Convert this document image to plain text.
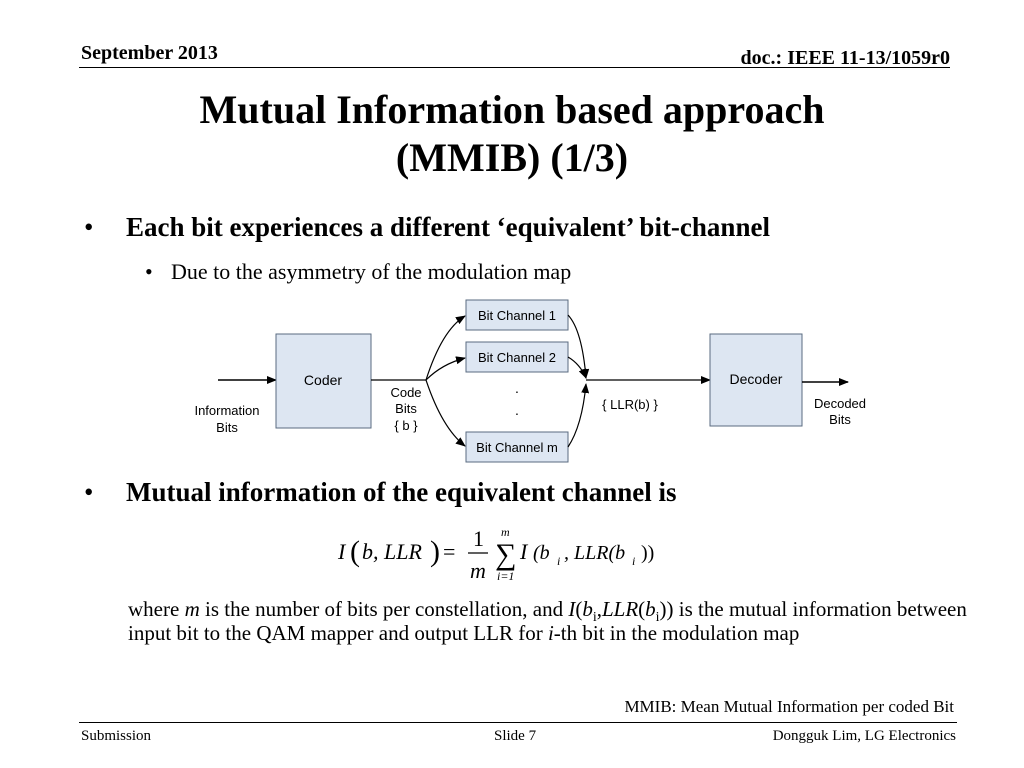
September 2013	doc.: IEEE 11-13/1059r0
Mutual Information based approach
(MMIB) (1/3)
• Each bit experiences a different ‘equivalent’ bit-channel
• Due to the asymmetry of the modulation map
Information
Bits
Coder
Code
Bits
{ b }
Bit Channel 1
Bit Channel 2
.
.
Bit Channel m
{ LLR(b) }
Decoder
Decoded
Bits
• Mutual information of the equivalent channel is
I ( b, LLR ) =
1
m
m
∑
i=1
I (b i , LLR(b i ))
where m is the number of bits per constellation, and $I(b_i,LLR(b_i))$ is the mutual information between input bit to the QAM mapper and output LLR for i-th bit in the modulation map
MMIB: Mean Mutual Information per coded Bit
Submission	Slide 7	Dongguk Lim, LG Electronics
